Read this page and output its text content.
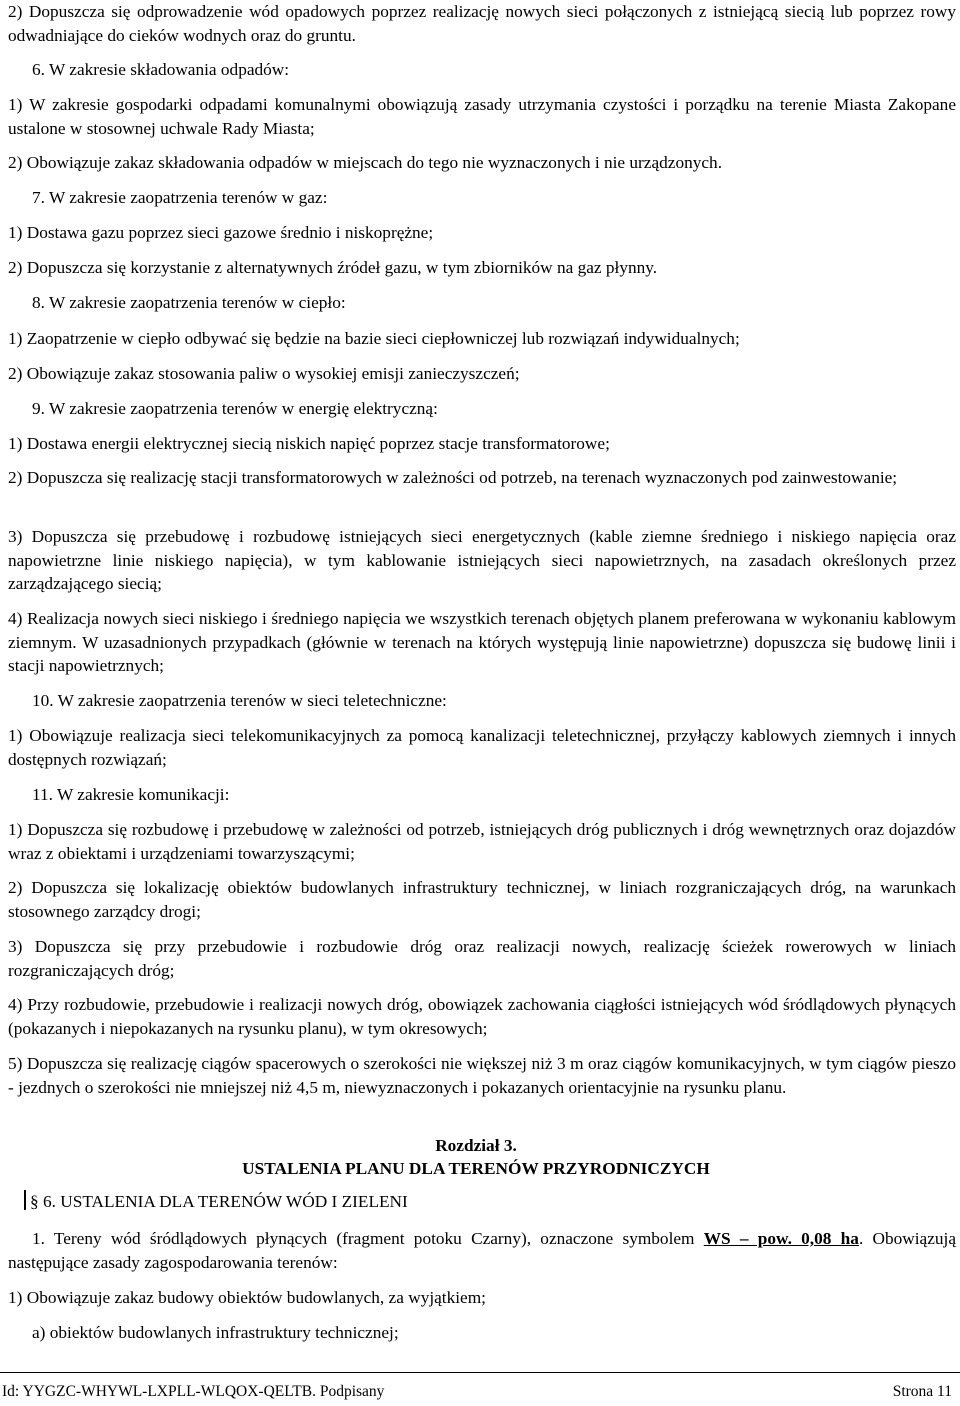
2) Dopuszcza się odprowadzenie wód opadowych poprzez realizację nowych sieci połączonych z istniejącą siecią lub poprzez rowy odwadniające do cieków wodnych oraz do gruntu.
6. W zakresie składowania odpadów:
1) W zakresie gospodarki odpadami komunalnymi obowiązują zasady utrzymania czystości i porządku na terenie Miasta Zakopane ustalone w stosownej uchwale Rady Miasta;
2) Obowiązuje zakaz składowania odpadów w miejscach do tego nie wyznaczonych i nie urządzonych.
7. W zakresie zaopatrzenia terenów w gaz:
1) Dostawa gazu poprzez sieci gazowe średnio i niskoprężne;
2) Dopuszcza się korzystanie z alternatywnych źródeł gazu, w tym zbiorników na gaz płynny.
8. W zakresie zaopatrzenia terenów w ciepło:
1) Zaopatrzenie w ciepło odbywać się będzie na bazie sieci ciepłowniczej lub rozwiązań indywidualnych;
2) Obowiązuje zakaz stosowania paliw o wysokiej emisji zanieczyszczeń;
9. W zakresie zaopatrzenia terenów w energię elektryczną:
1) Dostawa energii elektrycznej siecią niskich napięć poprzez stacje transformatorowe;
2) Dopuszcza się realizację stacji transformatorowych w zależności od potrzeb, na terenach wyznaczonych pod zainwestowanie;
3) Dopuszcza się przebudowę i rozbudowę istniejących sieci energetycznych (kable ziemne średniego i niskiego napięcia oraz napowietrzne linie niskiego napięcia), w tym kablowanie istniejących sieci napowietrznych, na zasadach określonych przez zarządzającego siecią;
4) Realizacja nowych sieci niskiego i średniego napięcia we wszystkich terenach objętych planem preferowana w wykonaniu kablowym ziemnym. W uzasadnionych przypadkach (głównie w terenach na których występują linie napowietrzne) dopuszcza się budowę linii i stacji napowietrznych;
10. W zakresie zaopatrzenia terenów w sieci teletechniczne:
1) Obowiązuje realizacja sieci telekomunikacyjnych za pomocą kanalizacji teletechnicznej, przyłączy kablowych ziemnych i innych dostępnych rozwiązań;
11. W zakresie komunikacji:
1) Dopuszcza się rozbudowę i przebudowę w zależności od potrzeb, istniejących dróg publicznych i dróg wewnętrznych oraz dojazdów wraz z obiektami i urządzeniami towarzyszącymi;
2) Dopuszcza się lokalizację obiektów budowlanych infrastruktury technicznej, w liniach rozgraniczających dróg, na warunkach stosownego zarządcy drogi;
3) Dopuszcza się przy przebudowie i rozbudowie dróg oraz realizacji nowych, realizację ścieżek rowerowych w liniach rozgraniczających dróg;
4) Przy rozbudowie, przebudowie i realizacji nowych dróg, obowiązek zachowania ciągłości istniejących wód śródlądowych płynących (pokazanych i niepokazanych na rysunku planu), w tym okresowych;
5) Dopuszcza się realizację ciągów spacerowych o szerokości nie większej niż 3 m oraz ciągów komunikacyjnych, w tym ciągów pieszo - jezdnych o szerokości nie mniejszej niż 4,5 m, niewyznaczonych i pokazanych orientacyjnie na rysunku planu.
Rozdział 3.
USTALENIA PLANU DLA TERENÓW PRZYRODNICZYCH
§ 6. USTALENIA DLA TERENÓW WÓD I ZIELENI
1. Tereny wód śródlądowych płynących (fragment potoku Czarny), oznaczone symbolem WS – pow. 0,08 ha. Obowiązują następujące zasady zagospodarowania terenów:
1) Obowiązuje zakaz budowy obiektów budowlanych, za wyjątkiem;
a) obiektów budowlanych infrastruktury technicznej;
Id: YYGZC-WHYWL-LXPLL-WLQOX-QELTB. Podpisany	Strona 11
